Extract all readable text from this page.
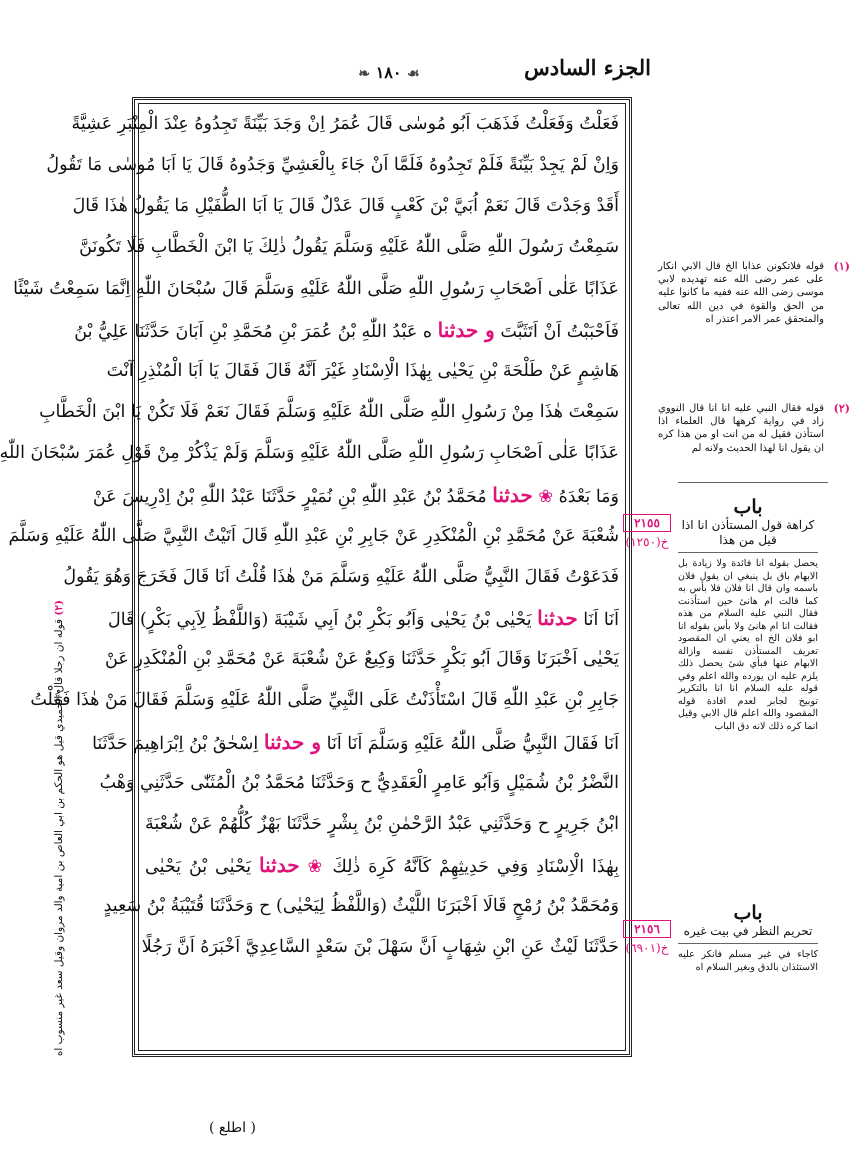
الجزء السادس
❧ ١٨٠ ☙
فَعَلْتُ وَفَعَلْتُ فَذَهَبَ اَبُو مُوسٰى قَالَ عُمَرُ اِنْ وَجَدَ بَيِّنَةً تَجِدُوهُ عِنْدَ الْمِنْبَرِ عَشِيَّةً
وَاِنْ لَمْ يَجِدْ بَيِّنَةً فَلَمْ تَجِدُوهُ فَلَمَّا اَنْ جَاءَ بِالْعَشِيِّ وَجَدُوهُ قَالَ يَا اَبَا مُوسٰى مَا تَقُولُ
أَقَدْ وَجَدْتَ قَالَ نَعَمْ اُبَيَّ بْنَ كَعْبٍ قَالَ عَدْلٌ قَالَ يَا اَبَا الطُّفَيْلِ مَا يَقُولُ هٰذَا قَالَ
سَمِعْتُ رَسُولَ اللّٰهِ صَلَّى اللّٰهُ عَلَيْهِ وَسَلَّمَ يَقُولُ ذٰلِكَ يَا ابْنَ الْخَطَّابِ فَلَا تَكُونَنَّ
عَذَابًا عَلٰى اَصْحَابِ رَسُولِ اللّٰهِ صَلَّى اللّٰهُ عَلَيْهِ وَسَلَّمَ قَالَ سُبْحَانَ اللّٰهِ اِنَّمَا سَمِعْتُ شَيْئًا
فَاَحْبَبْتُ اَنْ اَتَثَبَّتَ و حدثنا ه عَبْدُ اللّٰهِ بْنُ عُمَرَ بْنِ مُحَمَّدِ بْنِ اَبَانَ حَدَّثَنَا عَلِيُّ بْنُ
هَاشِمٍ عَنْ طَلْحَةَ بْنِ يَحْيٰى بِهٰذَا الْاِسْنَادِ غَيْرَ اَنَّهُ قَالَ فَقَالَ يَا اَبَا الْمُنْذِرِ آنْتَ
سَمِعْتَ هٰذَا مِنْ رَسُولِ اللّٰهِ صَلَّى اللّٰهُ عَلَيْهِ وَسَلَّمَ فَقَالَ نَعَمْ فَلَا تَكُنْ يَا ابْنَ الْخَطَّابِ
عَذَابًا عَلٰى اَصْحَابِ رَسُولِ اللّٰهِ صَلَّى اللّٰهُ عَلَيْهِ وَسَلَّمَ وَلَمْ يَذْكُرْ مِنْ قَوْلِ عُمَرَ سُبْحَانَ اللّٰهِ
وَمَا بَعْدَهُ ❀ حدثنا مُحَمَّدُ بْنُ عَبْدِ اللّٰهِ بْنِ نُمَيْرٍ حَدَّثَنَا عَبْدُ اللّٰهِ بْنُ اِدْرِيسَ عَنْ
شُعْبَةَ عَنْ مُحَمَّدِ بْنِ الْمُنْكَدِرِ عَنْ جَابِرِ بْنِ عَبْدِ اللّٰهِ قَالَ اَتَيْتُ النَّبِيَّ صَلَّى اللّٰهُ عَلَيْهِ وَسَلَّمَ
فَدَعَوْتُ فَقَالَ النَّبِيُّ صَلَّى اللّٰهُ عَلَيْهِ وَسَلَّمَ مَنْ هٰذَا قُلْتُ اَنَا قَالَ فَخَرَجَ وَهُوَ يَقُولُ
اَنَا اَنَا حدثنا يَحْيٰى بْنُ يَحْيٰى وَاَبُو بَكْرِ بْنُ اَبِي شَيْبَةَ (وَاللَّفْظُ لِاَبِي بَكْرٍ) قَالَ
يَحْيٰى اَخْبَرَنَا وَقَالَ اَبُو بَكْرٍ حَدَّثَنَا وَكِيعٌ عَنْ شُعْبَةَ عَنْ مُحَمَّدِ بْنِ الْمُنْكَدِرِ عَنْ
جَابِرِ بْنِ عَبْدِ اللّٰهِ قَالَ اسْتَأْذَنْتُ عَلَى النَّبِيِّ صَلَّى اللّٰهُ عَلَيْهِ وَسَلَّمَ فَقَالَ مَنْ هٰذَا فَقُلْتُ
اَنَا فَقَالَ النَّبِيُّ صَلَّى اللّٰهُ عَلَيْهِ وَسَلَّمَ اَنَا اَنَا و حدثنا اِسْحٰقُ بْنُ اِبْرَاهِيمَ حَدَّثَنَا
النَّضْرُ بْنُ شُمَيْلٍ وَاَبُو عَامِرٍ الْعَقَدِيُّ ح وَحَدَّثَنَا مُحَمَّدُ بْنُ الْمُثَنّٰى حَدَّثَنِي وَهْبُ
ابْنُ جَرِيرٍ ح وَحَدَّثَنِي عَبْدُ الرَّحْمٰنِ بْنُ بِشْرٍ حَدَّثَنَا بَهْزٌ كُلُّهُمْ عَنْ شُعْبَةَ
بِهٰذَا الْاِسْنَادِ وَفِي حَدِيثِهِمْ كَاَنَّهُ كَرِهَ ذٰلِكَ ❀ حدثنا يَحْيٰى بْنُ يَحْيٰى
وَمُحَمَّدُ بْنُ رُمْحٍ قَالَا اَخْبَرَنَا اللَّيْثُ (وَاللَّفْظُ لِيَحْيٰى) ح وَحَدَّثَنَا قُتَيْبَةُ بْنُ سَعِيدٍ
حَدَّثَنَا لَيْثٌ عَنِ ابْنِ شِهَابٍ اَنَّ سَهْلَ بْنَ سَعْدٍ السَّاعِدِيَّ اَخْبَرَهُ اَنَّ رَجُلًا
(١)
قوله فلاتكونن عذابا الخ قال الابي انكار على عمر رضى الله عنه تهديده لابي موسى رضى الله عنه ففيه ما كانوا عليه من الحق والقوة في دين الله تعالى والمتحقق عمر الامر اعتذر اه
(٢)
قوله فقال النبي عليه انا انا قال النووي زاد في رواية كرهها قال العلماء اذا استأذن فقيل له من انت او من هذا كره ان يقول انا لهذا الحديث ولانه لم
باب
كراهة قول المستأذن انا اذا قيل من هذا
يحصل بقوله انا فائدة ولا زيادة بل الابهام باق بل ينبغي ان يقول فلان باسمه وان قال انا فلان فلا بأس به كما قالت ام هانئ حين استأذنت فقال النبي عليه السلام من هذه فقالت انا ام هانئ ولا بأس بقوله انا ابو فلان الخ اه يعني ان المقصود تعريف المستأذن نفسه وازالة الابهام عنها فبأي شئ يحصل ذلك يلزم عليه ان يورده والله اعلم وفي قوله عليه السلام انا انا بالتكرير توبيخ لجابر لعدم افادة قوله المقصود والله اعلم قال الابي وقيل انما كره ذلك لانه دق الباب
٢١٥٥
خ(١٢٥٠)
باب
تحريم النظر في بيت غيره
كاجاء في غير مسلم فانكر عليه الاستئذان بالدق وبغير السلام اه
٢١٥٦
خ(٦٩٠١)
(٢) قوله ان رجلا قال الحميدي قيل هو الحكم بن ابي العاص بن امية والد مروان وقيل سعد غير منسوب اه
( اطلع )
